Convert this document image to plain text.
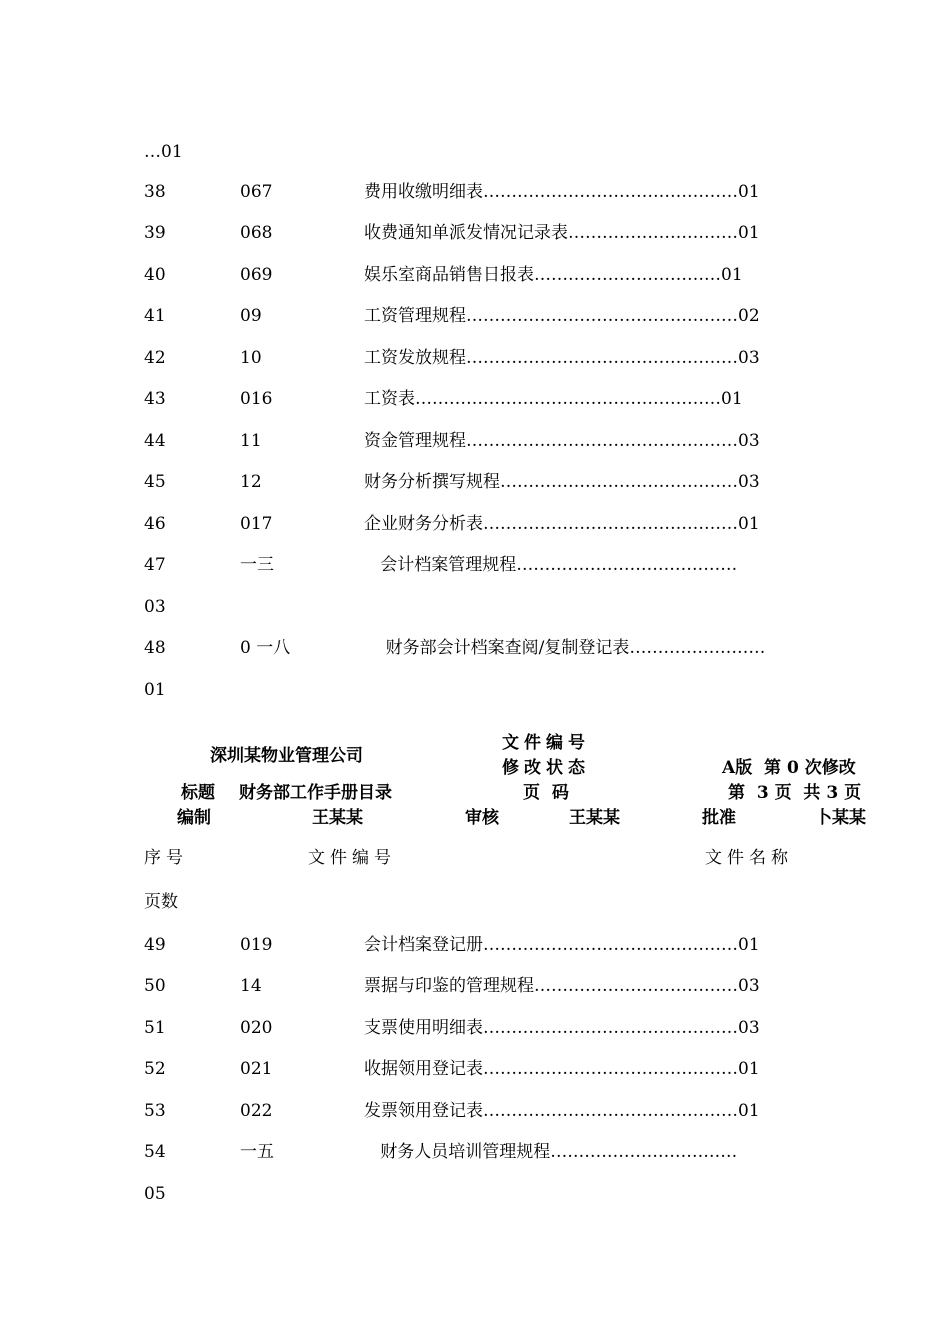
…01
38	067	费用收缴明细表………………………………………01
39	068	收费通知单派发情况记录表…………………………01
40	069	娱乐室商品销售日报表……………………………01
41	09	工资管理规程…………………………………………02
42	10	工资发放规程…………………………………………03
43	016	工资表………………………………………………01
44	11	资金管理规程…………………………………………03
45	12	财务分析撰写规程……………………………………03
46	017	企业财务分析表………………………………………01
47	一三	会计档案管理规程…………………………………
03
48	0 一八	财务部会计档案查阅/复制登记表……………………
01
深圳某物业管理公司
文件编号
修改状态
页  码
A版  第 0 次修改
第  3 页  共 3 页
标题 财务部工作手册目录
编制	王某某	审核	王某某	批准	卜某某
序号	文件编号	文件名称
页数
49	019	会计档案登记册………………………………………01
50	14	票据与印鉴的管理规程………………………………03
51	020	支票使用明细表………………………………………03
52	021	收据领用登记表………………………………………01
53	022	发票领用登记表………………………………………01
54	一五	财务人员培训管理规程……………………………
05
